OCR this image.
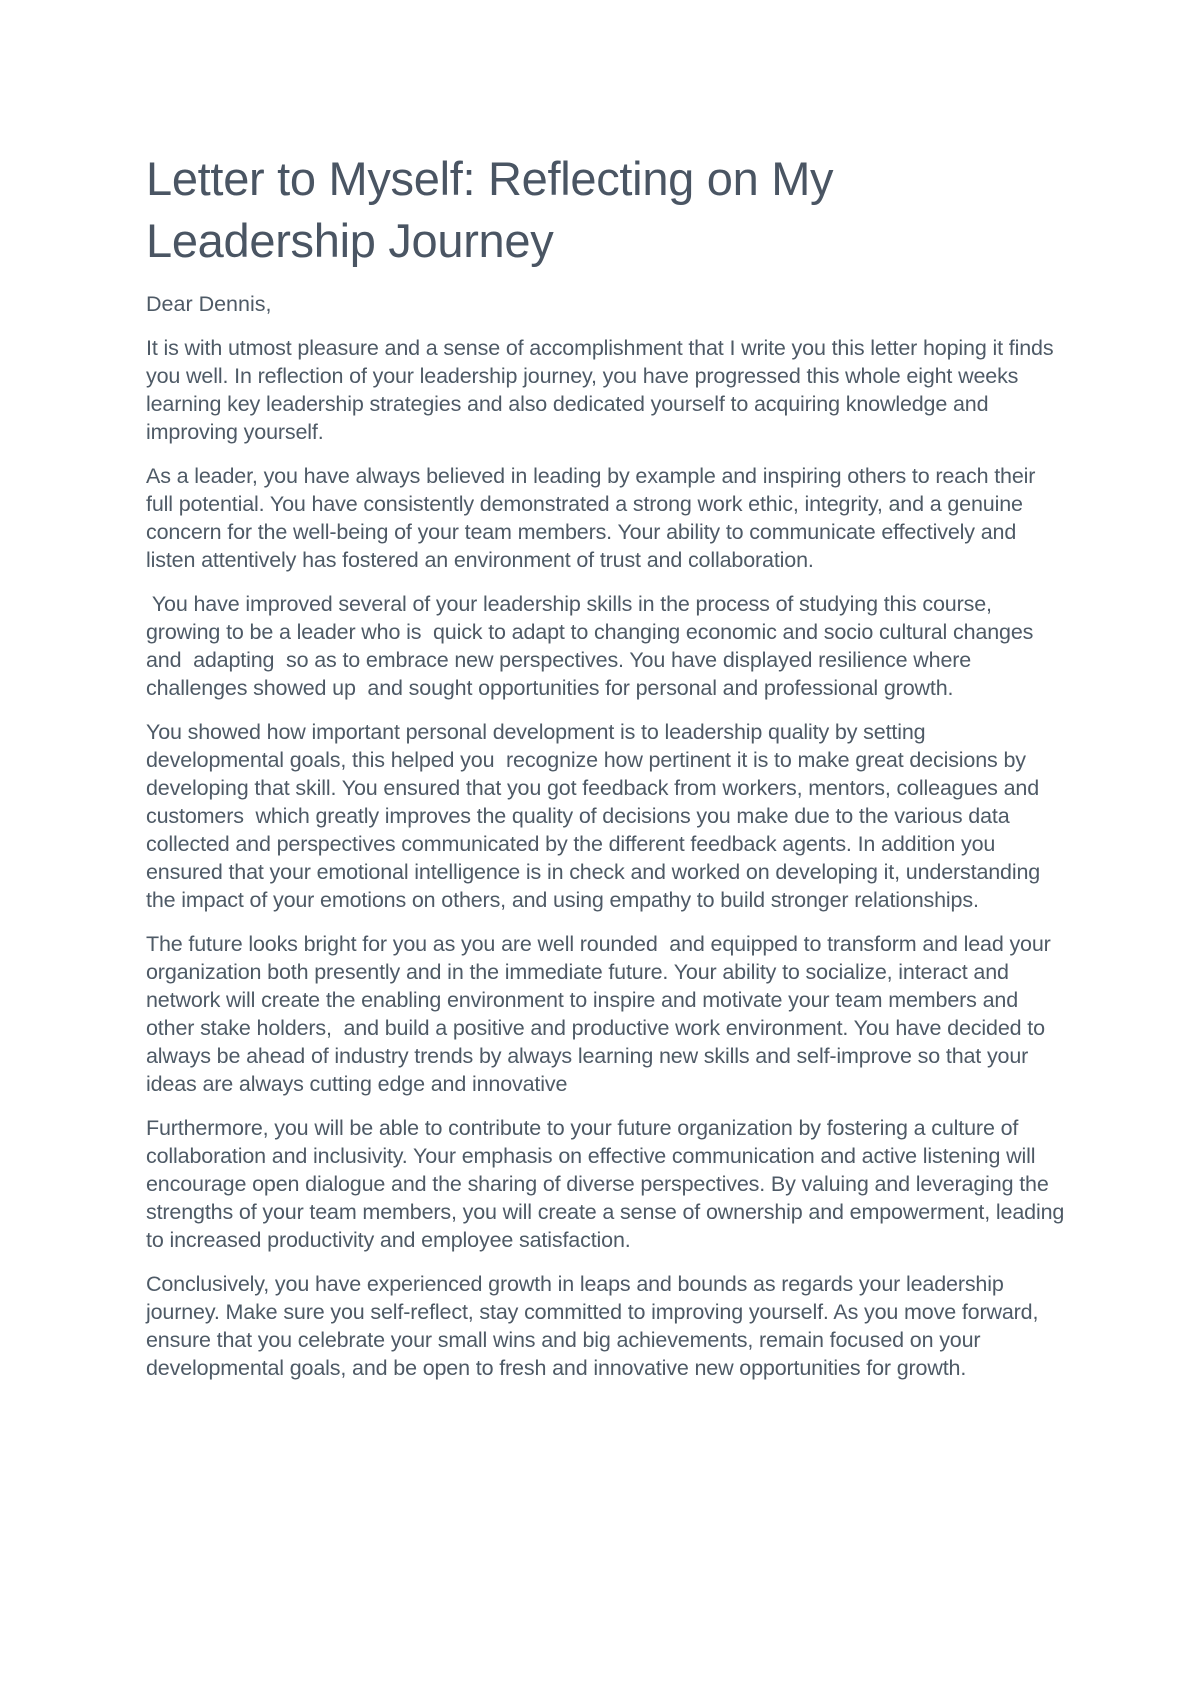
Letter to Myself: Reflecting on My Leadership Journey

Dear Dennis,

It is with utmost pleasure and a sense of accomplishment that I write you this letter hoping it finds you well. In reflection of your leadership journey, you have progressed this whole eight weeks learning key leadership strategies and also dedicated yourself to acquiring knowledge and improving yourself.

As a leader, you have always believed in leading by example and inspiring others to reach their full potential. You have consistently demonstrated a strong work ethic, integrity, and a genuine concern for the well-being of your team members. Your ability to communicate effectively and listen attentively has fostered an environment of trust and collaboration.

You have improved several of your leadership skills in the process of studying this course, growing to be a leader who is  quick to adapt to changing economic and socio cultural changes and  adapting  so as to embrace new perspectives. You have displayed resilience where challenges showed up  and sought opportunities for personal and professional growth.

You showed how important personal development is to leadership quality by setting developmental goals, this helped you  recognize how pertinent it is to make great decisions by developing that skill. You ensured that you got feedback from workers, mentors, colleagues and customers  which greatly improves the quality of decisions you make due to the various data collected and perspectives communicated by the different feedback agents. In addition you ensured that your emotional intelligence is in check and worked on developing it, understanding the impact of your emotions on others, and using empathy to build stronger relationships.

The future looks bright for you as you are well rounded  and equipped to transform and lead your organization both presently and in the immediate future. Your ability to socialize, interact and network will create the enabling environment to inspire and motivate your team members and other stake holders,  and build a positive and productive work environment. You have decided to always be ahead of industry trends by always learning new skills and self-improve so that your ideas are always cutting edge and innovative

Furthermore, you will be able to contribute to your future organization by fostering a culture of collaboration and inclusivity. Your emphasis on effective communication and active listening will encourage open dialogue and the sharing of diverse perspectives. By valuing and leveraging the strengths of your team members, you will create a sense of ownership and empowerment, leading to increased productivity and employee satisfaction.

Conclusively, you have experienced growth in leaps and bounds as regards your leadership journey. Make sure you self-reflect, stay committed to improving yourself. As you move forward, ensure that you celebrate your small wins and big achievements, remain focused on your developmental goals, and be open to fresh and innovative new opportunities for growth.
